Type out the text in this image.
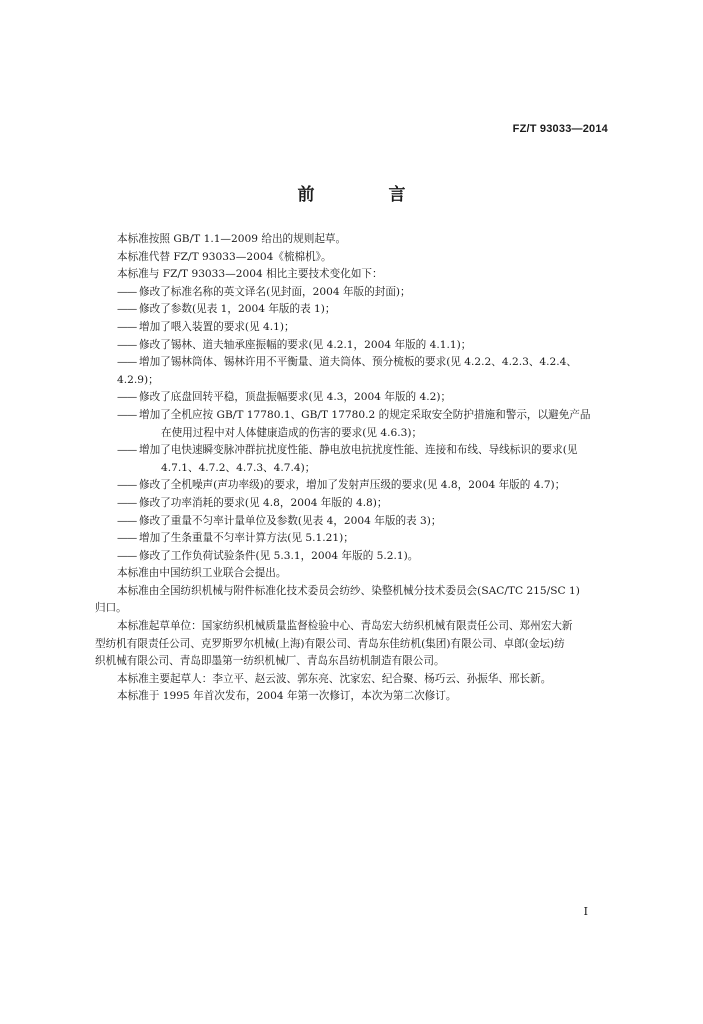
FZ/T 93033—2014
前 言

本标准按照 GB/T 1.1—2009 给出的规则起草。

本标准代替 FZ/T 93033—2004《梳棉机》。

本标准与 FZ/T 93033—2004 相比主要技术变化如下：

—— 修改了标准名称的英文译名(见封面，2004 年版的封面)；

—— 修改了参数(见表 1，2004 年版的表 1)；

—— 增加了喂入装置的要求(见 4.1)；

—— 修改了锡林、道夫轴承座振幅的要求(见 4.2.1，2004 年版的 4.1.1)；

—— 增加了锡林筒体、锡林许用不平衡量、道夫筒体、预分梳板的要求(见 4.2.2、4.2.3、4.2.4、4.2.9)；

—— 修改了底盘回转平稳，顶盘振幅要求(见 4.3，2004 年版的 4.2)；

—— 增加了全机应按 GB/T 17780.1、GB/T 17780.2 的规定采取安全防护措施和警示，以避免产品

在使用过程中对人体健康造成的伤害的要求(见 4.6.3)；

—— 增加了电快速瞬变脉冲群抗扰度性能、静电放电抗扰度性能、连接和布线、导线标识的要求(见

4.7.1、4.7.2、4.7.3、4.7.4)；

—— 修改了全机噪声(声功率级)的要求，增加了发射声压级的要求(见 4.8，2004 年版的 4.7)；

—— 修改了功率消耗的要求(见 4.8，2004 年版的 4.8)；

—— 修改了重量不匀率计量单位及参数(见表 4，2004 年版的表 3)；

—— 增加了生条重量不匀率计算方法(见 5.1.21)；

—— 修改了工作负荷试验条件(见 5.3.1，2004 年版的 5.2.1)。

本标准由中国纺织工业联合会提出。

本标准由全国纺织机械与附件标准化技术委员会纺纱、染整机械分技术委员会(SAC/TC 215/SC 1)

归口。

本标准起草单位：国家纺织机械质量监督检验中心、青岛宏大纺织机械有限责任公司、郑州宏大新

型纺机有限责任公司、克罗斯罗尔机械(上海)有限公司、青岛东佳纺机(集团)有限公司、卓郎(金坛)纺

织机械有限公司、青岛即墨第一纺织机械厂、青岛东昌纺机制造有限公司。

本标准主要起草人：李立平、赵云波、郭东亮、沈家宏、纪合聚、杨巧云、孙振华、邢长新。

本标准于 1995 年首次发布，2004 年第一次修订，本次为第二次修订。

I
